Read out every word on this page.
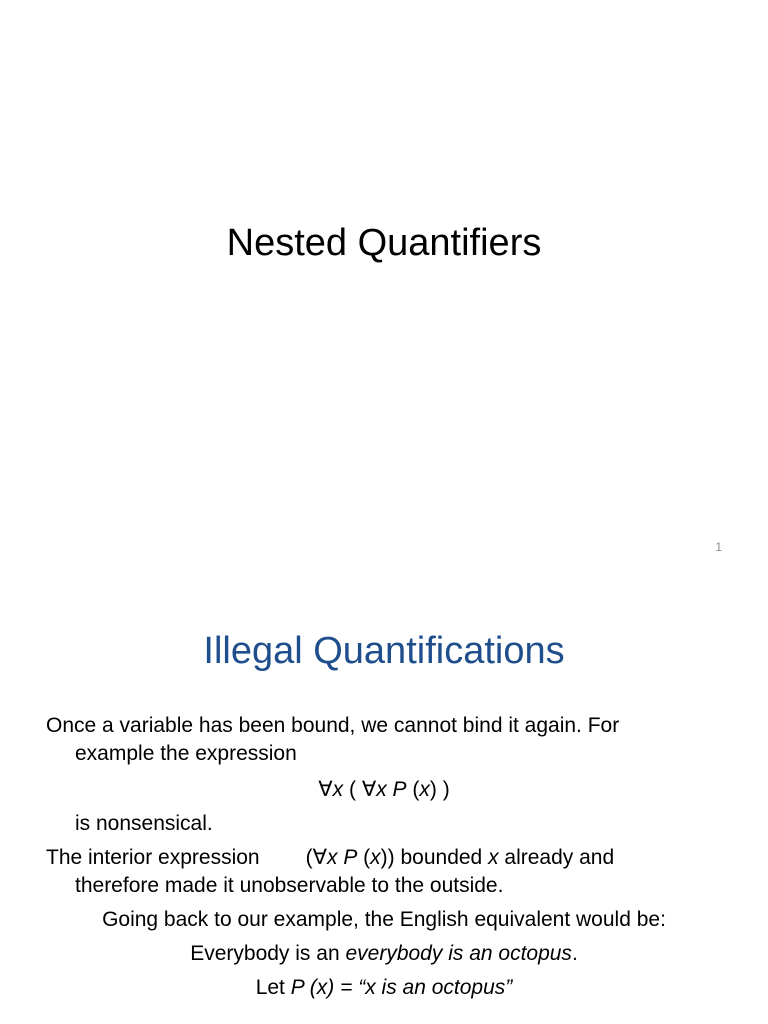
Nested Quantifiers
1
Illegal Quantifications
Once a variable has been bound, we cannot bind it again. For
example the expression
∀x ( ∀x P (x) )
is nonsensical.
The interior expression (∀x P (x)) bounded x already and
therefore made it unobservable to the outside.
Going back to our example, the English equivalent would be:
Everybody is an everybody is an octopus.
Let P (x) = “x is an octopus”
